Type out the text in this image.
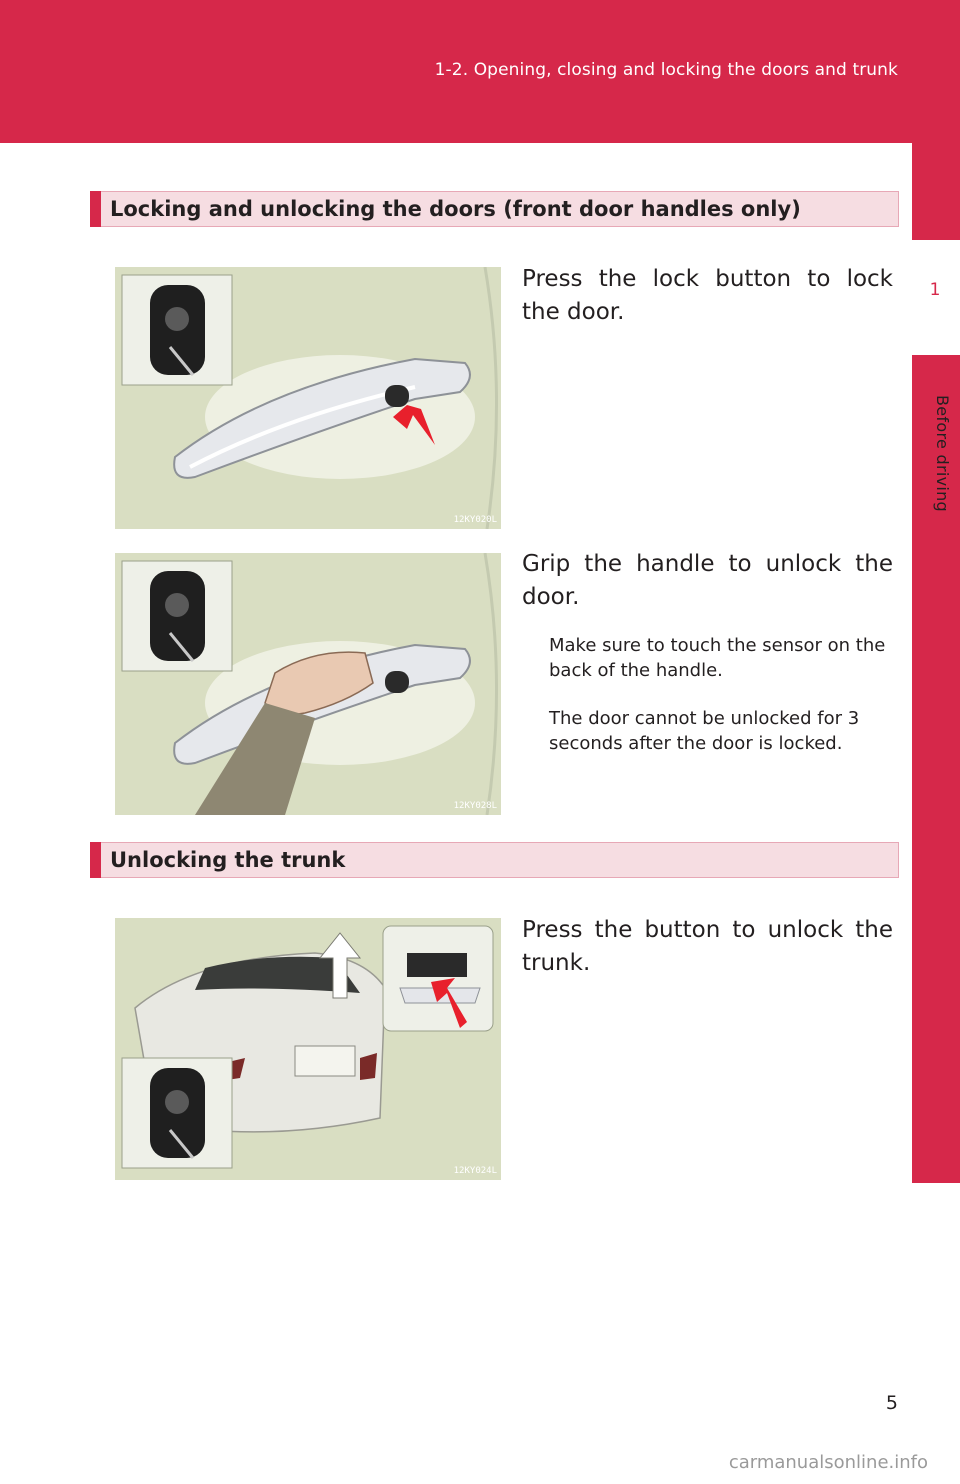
1-2. Opening, closing and locking the doors and trunk
1
Before driving
Locking and unlocking the doors (front door handles only)
12KY020L
Press the lock button to lock the door.
12KY028L
Grip the handle to unlock the door.
Make sure to touch the sensor on the back of the handle.
The door cannot be unlocked for 3 seconds after the door is locked.
Unlocking the trunk
12KY024L
Press the button to unlock the trunk.
5
carmanualsonline.info
